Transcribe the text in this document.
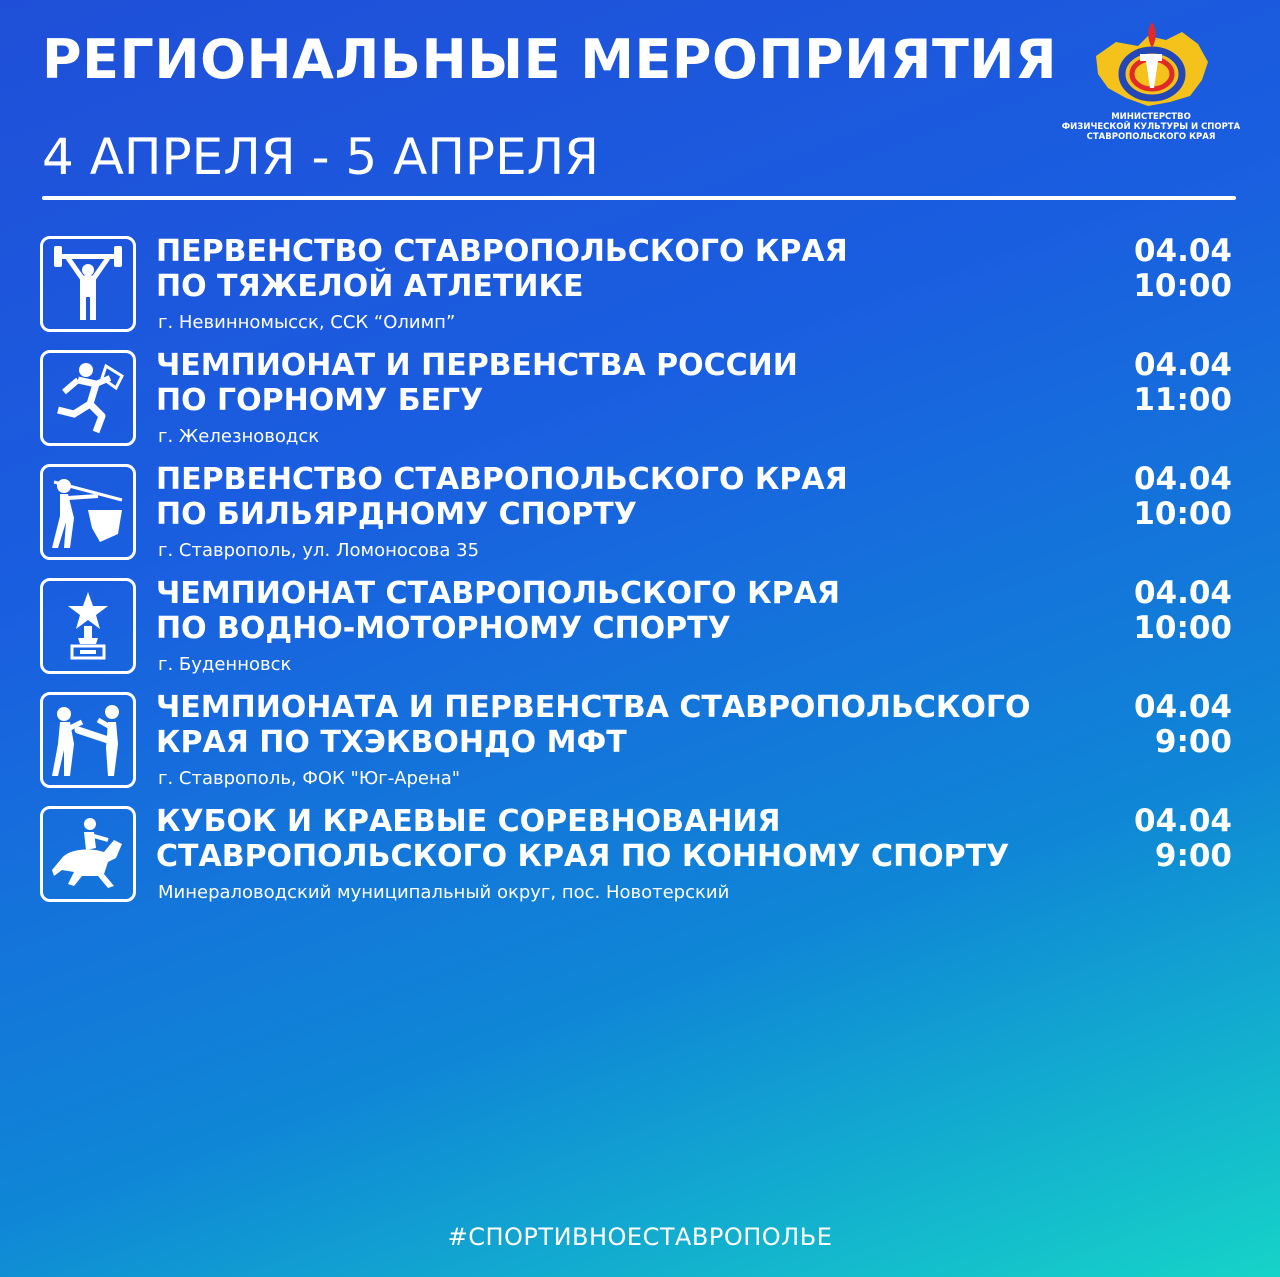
РЕГИОНАЛЬНЫЕ МЕРОПРИЯТИЯ
4 АПРЕЛЯ - 5 АПРЕЛЯ
МИНИСТЕРСТВО
ФИЗИЧЕСКОЙ КУЛЬТУРЫ И СПОРТА
СТАВРОПОЛЬСКОГО КРАЯ
ПЕРВЕНСТВО СТАВРОПОЛЬСКОГО КРАЯ
ПО ТЯЖЕЛОЙ АТЛЕТИКЕ
г. Невинномысск, ССК “Олимп”
04.04
10:00
ЧЕМПИОНАТ И ПЕРВЕНСТВА РОССИИ
ПО ГОРНОМУ БЕГУ
г. Железноводск
04.04
11:00
ПЕРВЕНСТВО СТАВРОПОЛЬСКОГО КРАЯ
ПО БИЛЬЯРДНОМУ СПОРТУ
г. Ставрополь, ул. Ломоносова 35
04.04
10:00
ЧЕМПИОНАТ СТАВРОПОЛЬСКОГО КРАЯ
ПО ВОДНО-МОТОРНОМУ СПОРТУ
г. Буденновск
04.04
10:00
ЧЕМПИОНАТА И ПЕРВЕНСТВА СТАВРОПОЛЬСКОГО
КРАЯ ПО ТХЭКВОНДО МФТ
г. Ставрополь, ФОК "Юг-Арена"
04.04
9:00
КУБОК И КРАЕВЫЕ СОРЕВНОВАНИЯ
СТАВРОПОЛЬСКОГО КРАЯ ПО КОННОМУ СПОРТУ
Минераловодский муниципальный округ, пос. Новотерский
04.04
9:00
#СПОРТИВНОЕСТАВРОПОЛЬЕ
